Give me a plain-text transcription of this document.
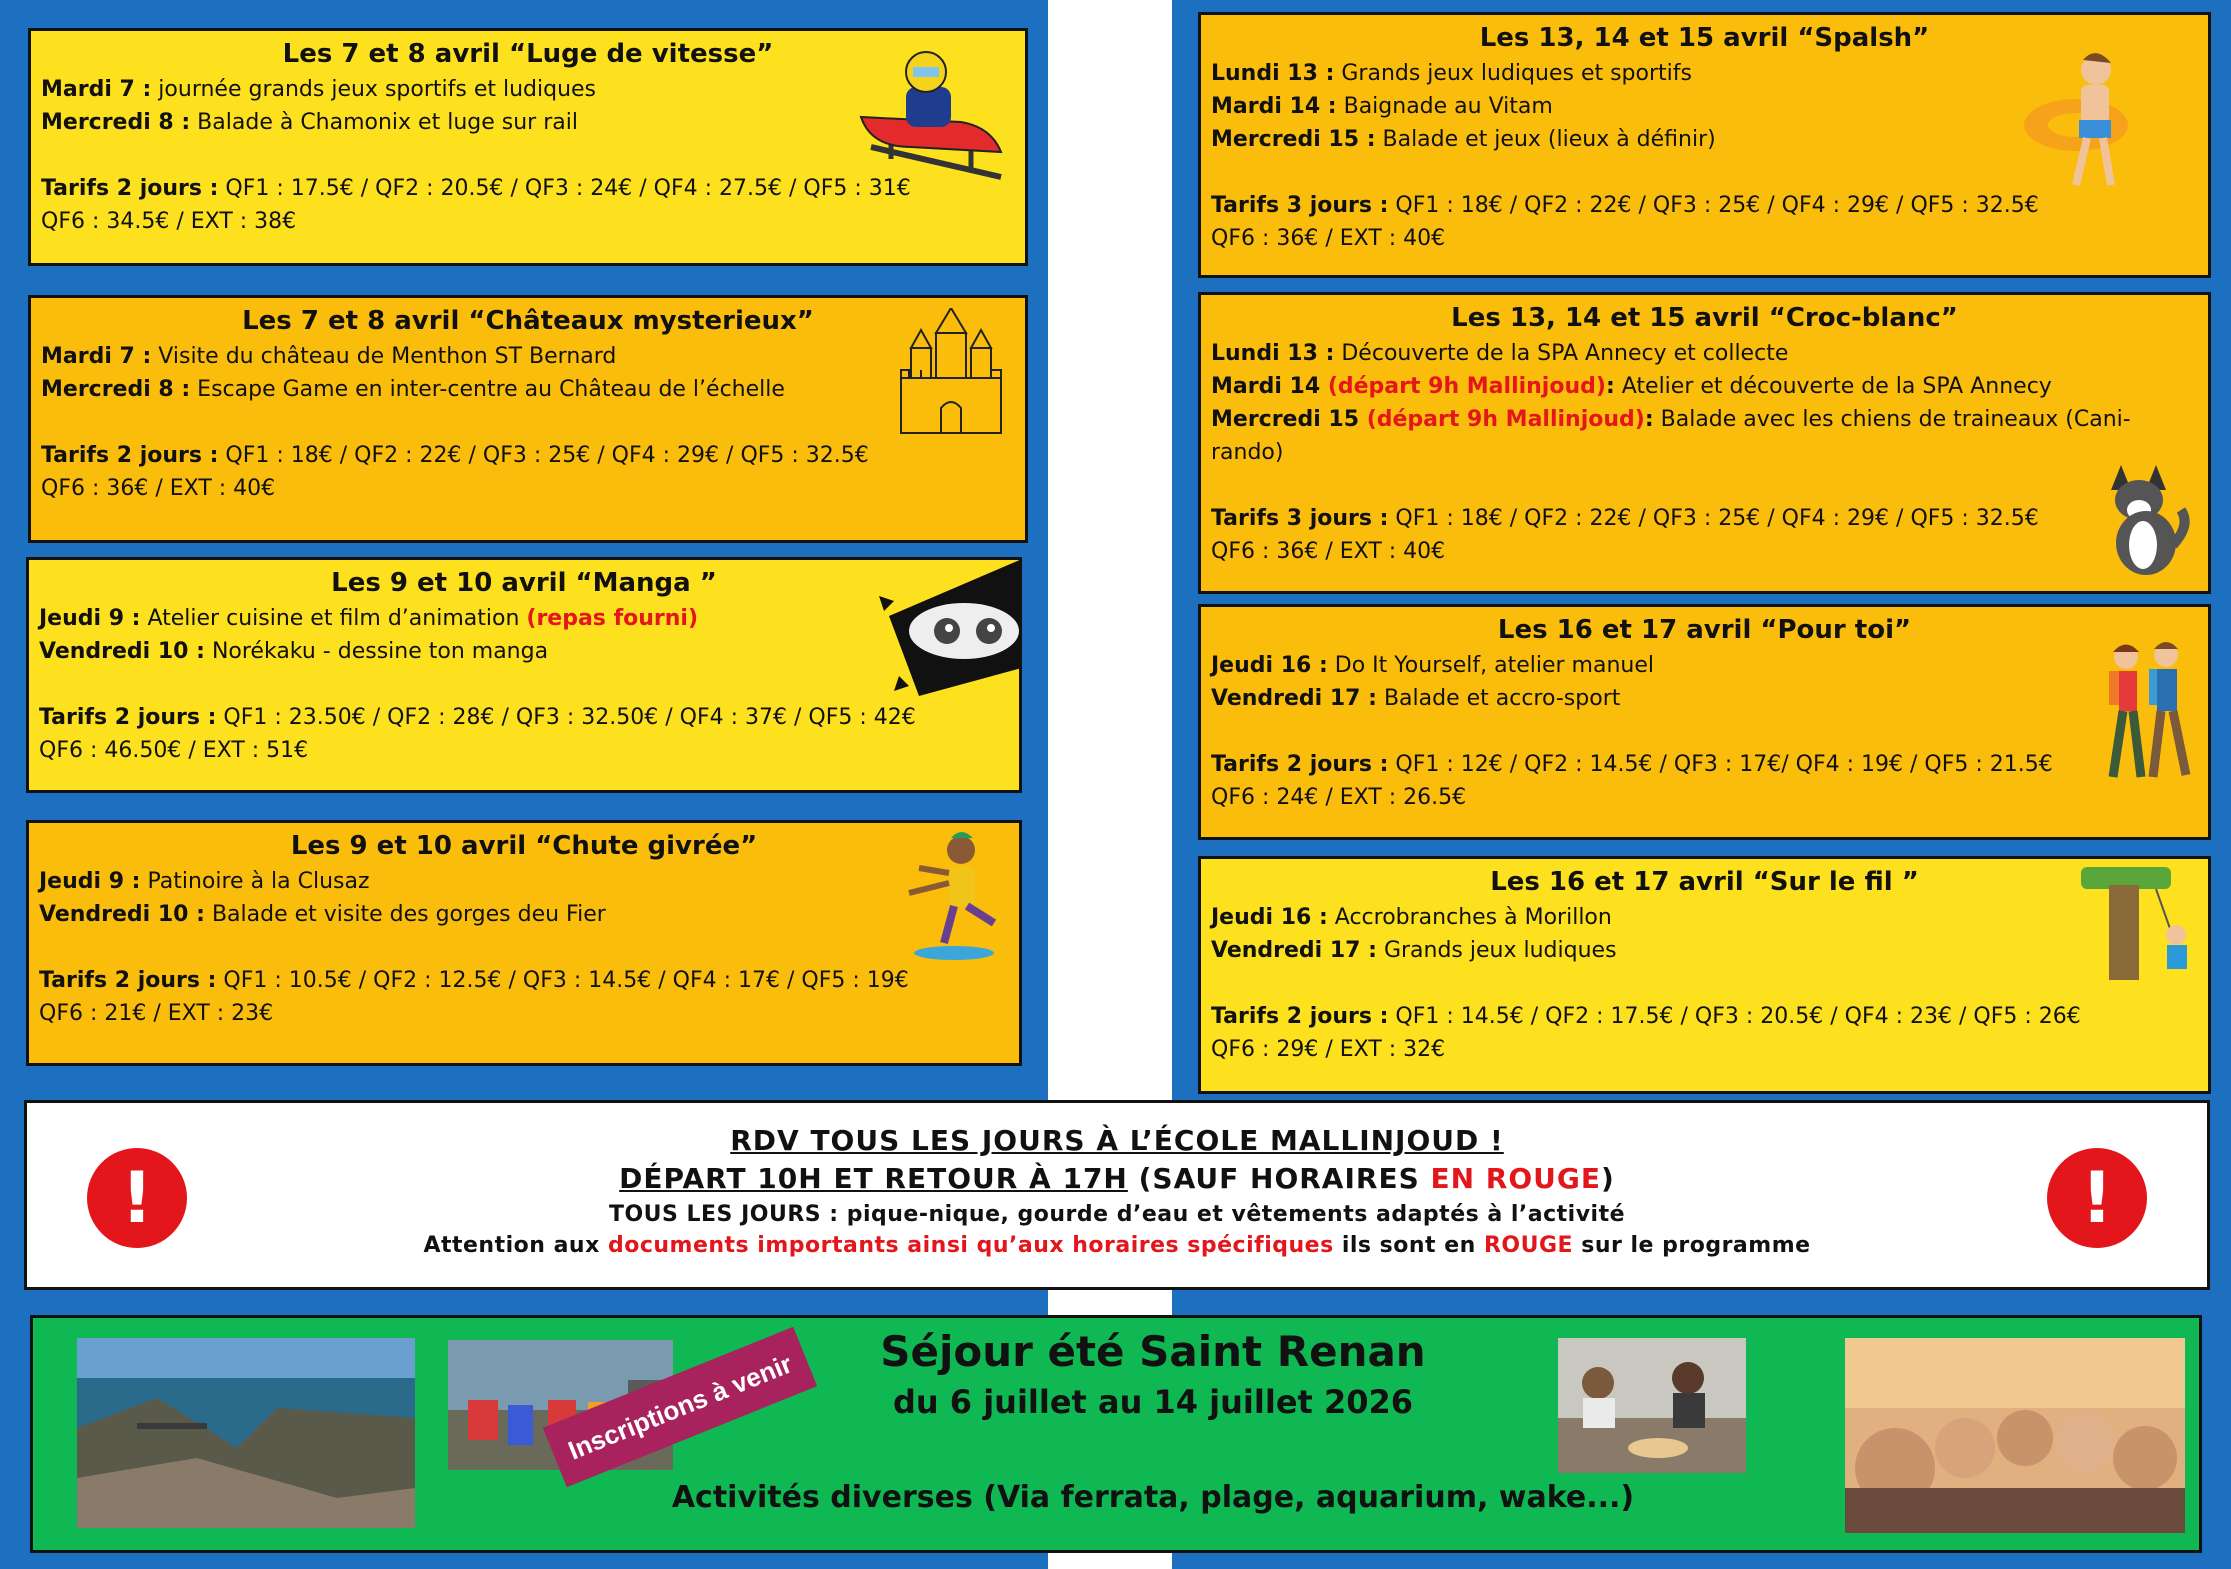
Les 7 et 8 avril “Luge de vitesse”

Mardi 7 : journée grands jeux sportifs et ludiques

Mercredi 8 : Balade à Chamonix et luge sur rail

Tarifs 2 jours : QF1 : 17.5€ / QF2 : 20.5€ / QF3 : 24€ / QF4 : 27.5€ / QF5 : 31€

QF6 : 34.5€ / EXT : 38€

Les 7 et 8 avril “Châteaux mysterieux”

Mardi 7 : Visite du château de Menthon ST Bernard

Mercredi 8 : Escape Game en inter-centre au Château de l’échelle

Tarifs 2 jours : QF1 : 18€ / QF2 : 22€ / QF3 : 25€ / QF4 : 29€ / QF5 : 32.5€

QF6 : 36€ / EXT : 40€

Les 9 et 10 avril “Manga ”

Jeudi 9 : Atelier cuisine et film d’animation (repas fourni)

Vendredi 10 : Norékaku - dessine ton manga

Tarifs 2 jours : QF1 : 23.50€ / QF2 : 28€ / QF3 : 32.50€ / QF4 : 37€ / QF5 : 42€

QF6 : 46.50€ / EXT : 51€

Les 9 et 10 avril “Chute givrée”

Jeudi 9 : Patinoire à la Clusaz

Vendredi 10 : Balade et visite des gorges deu Fier

Tarifs 2 jours : QF1 : 10.5€ / QF2 : 12.5€ / QF3 : 14.5€ / QF4 : 17€ / QF5 : 19€

QF6 : 21€ / EXT : 23€

Les 13, 14 et 15 avril “Spalsh”

Lundi 13 : Grands jeux ludiques et sportifs

Mardi 14 : Baignade au Vitam

Mercredi 15 : Balade et jeux (lieux à définir)

Tarifs 3 jours : QF1 : 18€ / QF2 : 22€ / QF3 : 25€ / QF4 : 29€ / QF5 : 32.5€

QF6 : 36€ / EXT : 40€

Les 13, 14 et 15 avril “Croc-blanc”

Lundi 13 : Découverte de la SPA Annecy et collecte

Mardi 14 (départ 9h Mallinjoud): Atelier et découverte de la SPA Annecy

Mercredi 15 (départ 9h Mallinjoud): Balade avec les chiens de traineaux (Cani-

rando)

Tarifs 3 jours : QF1 : 18€ / QF2 : 22€ / QF3 : 25€ / QF4 : 29€ / QF5 : 32.5€

QF6 : 36€ / EXT : 40€

Les 16 et 17 avril “Pour toi”

Jeudi 16 : Do It Yourself, atelier manuel

Vendredi 17 : Balade et accro-sport

Tarifs 2 jours : QF1 : 12€ / QF2 : 14.5€ / QF3 : 17€/ QF4 : 19€ / QF5 : 21.5€

QF6 : 24€ / EXT : 26.5€

Les 16 et 17 avril “Sur le fil ”

Jeudi 16 : Accrobranches à Morillon

Vendredi 17 : Grands jeux ludiques

Tarifs 2 jours : QF1 : 14.5€ / QF2 : 17.5€ / QF3 : 20.5€ / QF4 : 23€ / QF5 : 26€

QF6 : 29€ / EXT : 32€

!	!
RDV TOUS LES JOURS À L’ÉCOLE MALLINJOUD !
DÉPART 10H ET RETOUR À 17H (SAUF HORAIRES EN ROUGE)
TOUS LES JOURS : pique-nique, gourde d’eau et vêtements adaptés à l’activité
Attention aux documents importants ainsi qu’aux horaires spécifiques ils sont en ROUGE sur le programme
Séjour été Saint Renan
du 6 juillet au 14 juillet 2026
Activités diverses (Via ferrata, plage, aquarium, wake...)
Inscriptions à venir
